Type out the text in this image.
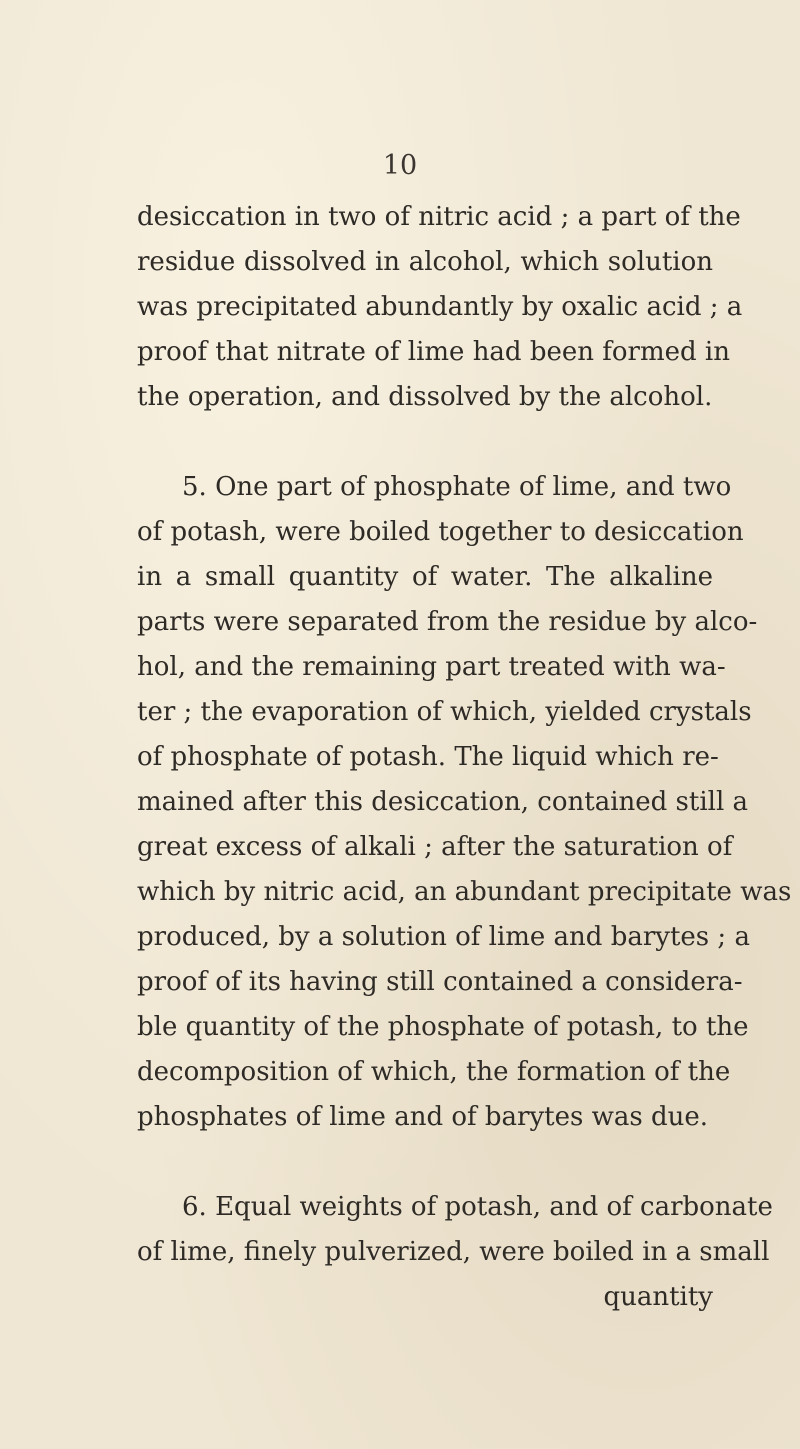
10
desiccation in two of nitric acid ; a part of the
residue dissolved in alcohol, which solution
was precipitated abundantly by oxalic acid ; a
proof that nitrate of lime had been formed in
the operation, and dissolved by the alcohol.
5. One part of phosphate of lime, and two
of potash, were boiled together to desiccation
in a small quantity of water. The alkaline
parts were separated from the residue by alco-
hol, and the remaining part treated with wa-
ter ; the evaporation of which, yielded crystals
of phosphate of potash. The liquid which re-
mained after this desiccation, contained still a
great excess of alkali ; after the saturation of
which by nitric acid, an abundant precipitate was
produced, by a solution of lime and barytes ; a
proof of its having still contained a considera-
ble quantity of the phosphate of potash, to the
decomposition of which, the formation of the
phosphates of lime and of barytes was due.
6. Equal weights of potash, and of carbonate
of lime, finely pulverized, were boiled in a small
quantity
